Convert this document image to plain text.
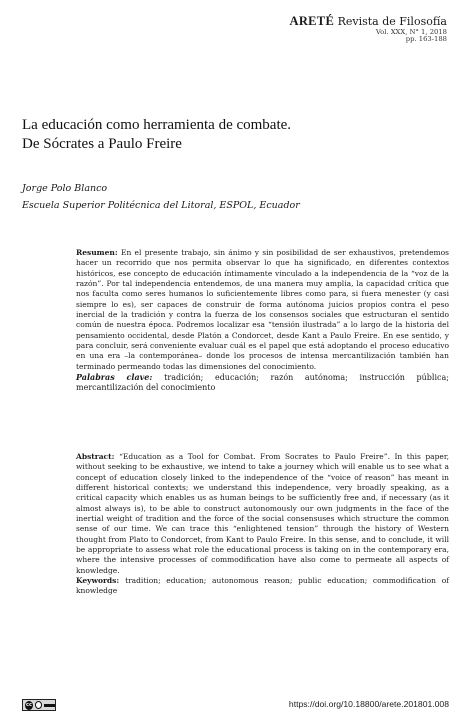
ARETÉ Revista de Filosofía
Vol. XXX, N° 1, 2018
pp. 163-188
La educación como herramienta de combate.
De Sócrates a Paulo Freire
Jorge Polo Blanco
Escuela Superior Politécnica del Litoral, ESPOL, Ecuador
Resumen: En el presente trabajo, sin ánimo y sin posibilidad de ser exhaustivos, pretendemos hacer un recorrido que nos permita observar lo que ha significado, en diferentes contextos históricos, ese concepto de educación íntimamente vinculado a la independencia de la “voz de la razón”. Por tal independencia entendemos, de una manera muy amplia, la capacidad crítica que nos faculta como seres humanos lo suficientemente libres como para, si fuera menester (y casi siempre lo es), ser capaces de construir de forma autónoma juicios propios contra el peso inercial de la tradición y contra la fuerza de los consensos sociales que estructuran el sentido común de nuestra época. Podremos localizar esa “tensión ilustrada” a lo largo de la historia del pensamiento occidental, desde Platón a Condorcet, desde Kant a Paulo Freire. En ese sentido, y para concluir, será conveniente evaluar cuál es el papel que está adoptando el proceso educativo en una era –la contemporánea– donde los procesos de intensa mercantilización también han terminado permeando todas las dimensiones del conocimiento.
Palabras clave: tradición; educación; razón autónoma; instrucción pública; mercantilización del conocimiento
Abstract: “Education as a Tool for Combat. From Socrates to Paulo Freire”. In this paper, without seeking to be exhaustive, we intend to take a journey which will enable us to see what a concept of education closely linked to the independence of the “voice of reason” has meant in different historical contexts; we understand this independence, very broadly speaking, as a critical capacity which enables us as human beings to be sufficiently free and, if necessary (as it almost always is), to be able to construct autonomously our own judgments in the face of the inertial weight of tradition and the force of the social consensuses which structure the common sense of our time. We can trace this “enlightened tension” through the history of Western thought from Plato to Condorcet, from Kant to Paulo Freire. In this sense, and to conclude, it will be appropriate to assess what role the educational process is taking on in the contemporary era, where the intensive processes of commodification have also come to permeate all aspects of knowledge.
Keywords: tradition; education; autonomous reason; public education; commodification of knowledge
cc	https://doi.org/10.18800/arete.201801.008
